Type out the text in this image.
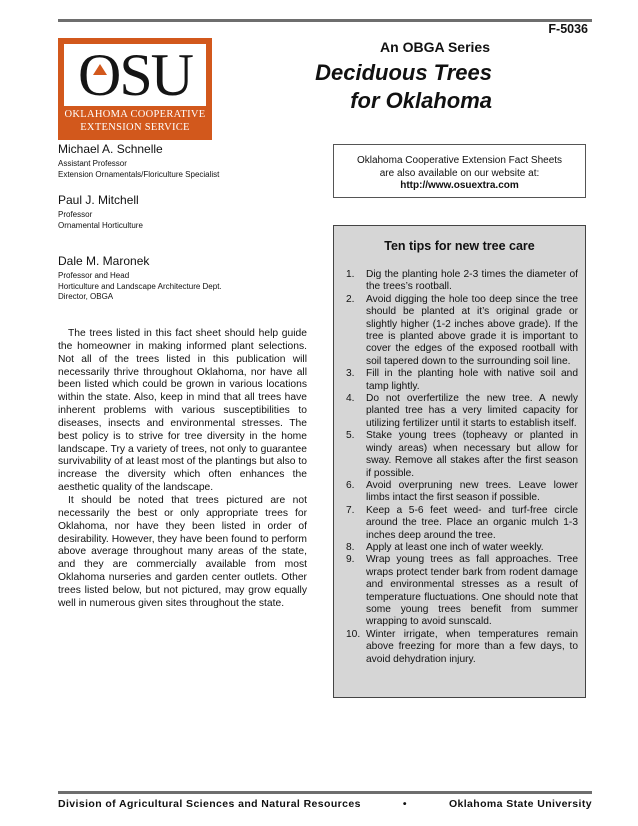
F-5036
OSU
OKLAHOMA COOPERATIVE
EXTENSION SERVICE
An OBGA Series
Deciduous Trees
for Oklahoma
Michael A. Schnelle
Assistant Professor
Extension Ornamentals/Floriculture Specialist
Paul J. Mitchell
Professor
Ornamental Horticulture
Dale M. Maronek
Professor and Head
Horticulture and Landscape Architecture Dept.
Director, OBGA

The trees listed in this fact sheet should help guide the homeowner in making informed plant selections. Not all of the trees listed in this publication will necessarily thrive throughout Oklahoma, nor have all been listed which could be grown in various locations within the state. Also, keep in mind that all trees have inherent problems with various susceptibilities to diseases, insects and environmental stresses. The best policy is to strive for tree diversity in the home landscape. Try a variety of trees, not only to guarantee survivability of at least most of the plantings but also to increase the diversity which often enhances the aesthetic quality of the landscape.

It should be noted that trees pictured are not necessarily the best or only appropriate trees for Oklahoma, nor have they been listed in order of desirability. However, they have been found to perform above average throughout many areas of the state, and they are commercially available from most Oklahoma nurseries and garden center outlets. Other trees listed below, but not pictured, may grow equally well in numerous given sites throughout the state.

Oklahoma Cooperative Extension Fact Sheets
are also available on our website at:
http://www.osuextra.com
Ten tips for new tree care
1. Dig the planting hole 2-3 times the diameter of the trees’s rootball.
2. Avoid digging the hole too deep since the tree should be planted at it’s original grade or slightly higher (1-2 inches above grade). If the tree is planted above grade it is important to cover the edges of the exposed rootball with soil tapered down to the surrounding soil line.
3. Fill in the planting hole with native soil and tamp lightly.
4. Do not overfertilize the new tree. A newly planted tree has a very limited capacity for utilizing fertilizer until it starts to establish itself.
5. Stake young trees (topheavy or planted in windy areas) when necessary but allow for sway. Remove all stakes after the first season if possible.
6. Avoid overpruning new trees. Leave lower limbs intact the first season if possible.
7. Keep a 5-6 feet weed- and turf-free circle around the tree. Place an organic mulch 1-3 inches deep around the tree.
8. Apply at least one inch of water weekly.
9. Wrap young trees as fall approaches. Tree wraps protect tender bark from rodent damage and environmental stresses as a result of temperature fluctuations. One should note that some young trees benefit from summer wrapping to avoid sunscald.
10. Winter irrigate, when temperatures remain above freezing for more than a few days, to avoid dehydration injury.
Division of Agricultural Sciences and Natural Resources	•	Oklahoma State University
